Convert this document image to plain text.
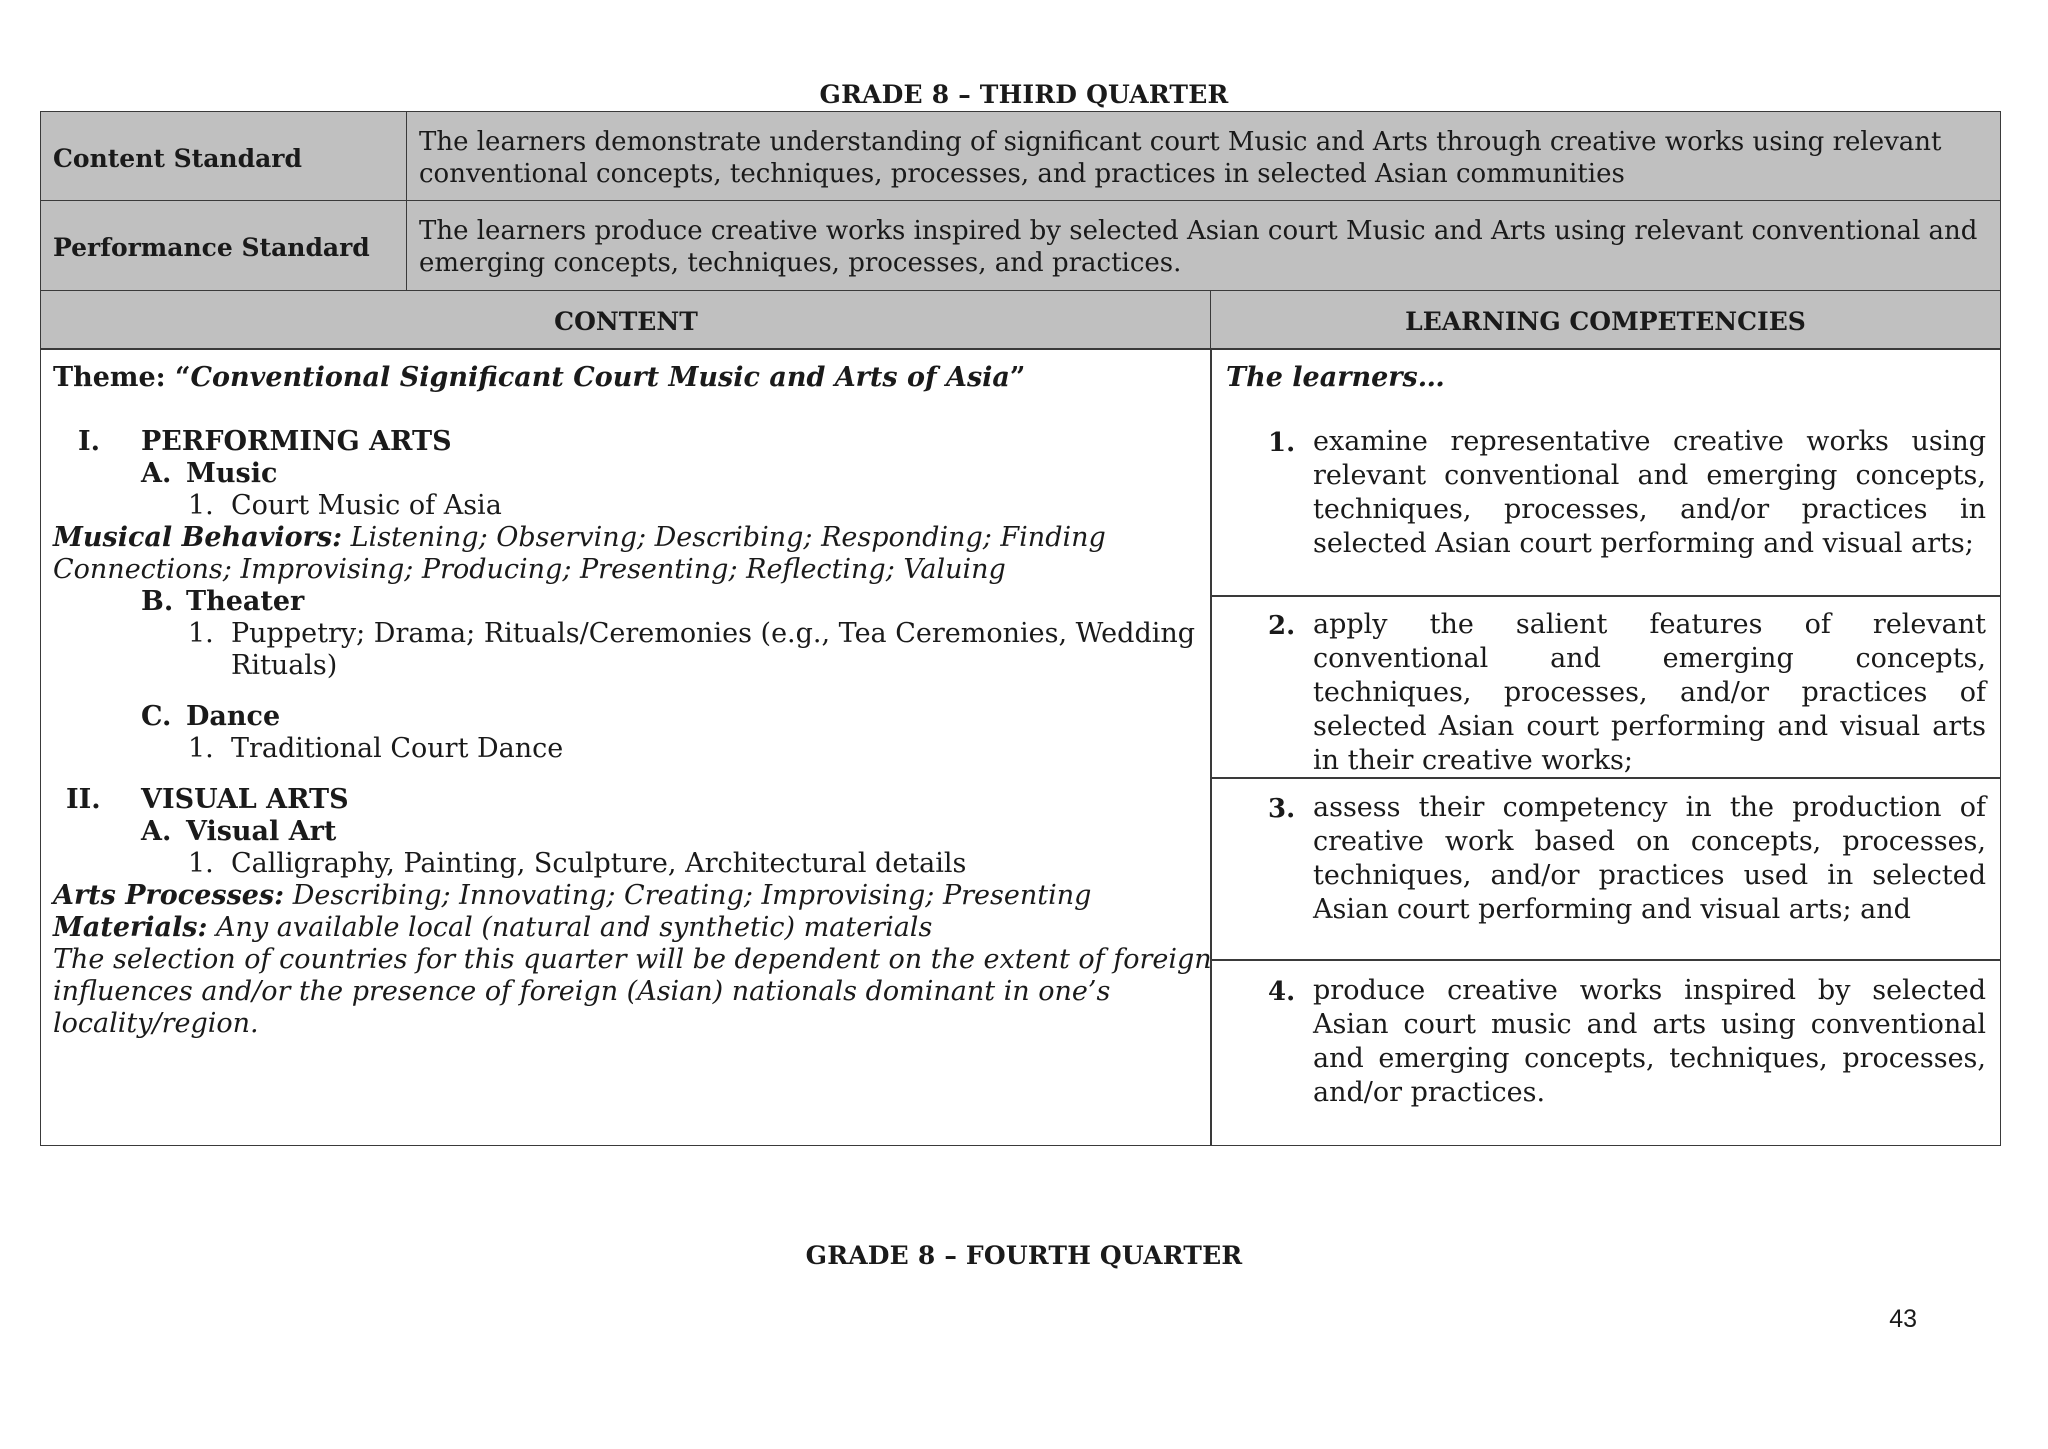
GRADE 8 – THIRD QUARTER
Content Standard
The learners demonstrate understanding of significant court Music and Arts through creative works using relevant conventional concepts, techniques, processes, and practices in selected Asian communities
Performance Standard
The learners produce creative works inspired by selected Asian court Music and Arts using relevant conventional and emerging concepts, techniques, processes, and practices.
CONTENT	LEARNING COMPETENCIES
Theme: “Conventional Significant Court Music and Arts of Asia”
I. PERFORMING ARTS
A. Music
1. Court Music of Asia
Musical Behaviors: Listening; Observing; Describing; Responding; Finding
Connections; Improvising; Producing; Presenting; Reflecting; Valuing
B. Theater
1. Puppetry; Drama; Rituals/Ceremonies (e.g., Tea Ceremonies, Wedding
Rituals)
C. Dance
1. Traditional Court Dance
II. VISUAL ARTS
A. Visual Art
1. Calligraphy, Painting, Sculpture, Architectural details
Arts Processes: Describing; Innovating; Creating; Improvising; Presenting
Materials: Any available local (natural and synthetic) materials
The selection of countries for this quarter will be dependent on the extent of foreign
influences and/or the presence of foreign (Asian) nationals dominant in one’s
locality/region.
The learners…
1. examine representative creative works using relevant conventional and emerging concepts, techniques, processes, and/or practices in selected Asian court performing and visual arts;
2. apply the salient features of relevant conventional and emerging concepts, techniques, processes, and/or practices of selected Asian court performing and visual arts in their creative works;
3. assess their competency in the production of creative work based on concepts, processes, techniques, and/or practices used in selected Asian court performing and visual arts; and
4. produce creative works inspired by selected Asian court music and arts using conventional and emerging concepts, techniques, processes, and/or practices.
GRADE 8 – FOURTH QUARTER
43
